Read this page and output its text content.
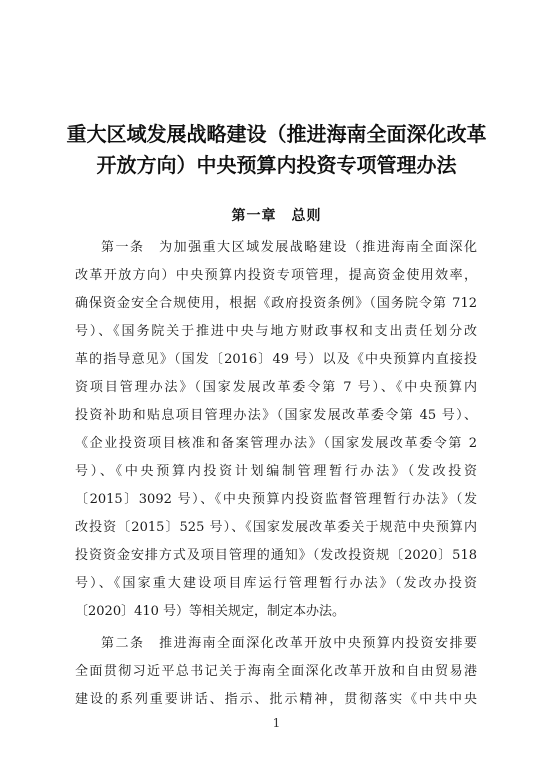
重大区域发展战略建设（推进海南全面深化改革
开放方向）中央预算内投资专项管理办法
第一章　总则
第一条　为加强重大区域发展战略建设（推进海南全面深化
改革开放方向）中央预算内投资专项管理，提高资金使用效率，
确保资金安全合规使用，根据《政府投资条例》（国务院令第 712
号）、《国务院关于推进中央与地方财政事权和支出责任划分改
革的指导意见》（国发〔2016〕49 号）以及《中央预算内直接投
资项目管理办法》（国家发展改革委令第 7 号）、《中央预算内
投资补助和贴息项目管理办法》（国家发展改革委令第 45 号）、
《企业投资项目核准和备案管理办法》（国家发展改革委令第 2
号）、《中央预算内投资计划编制管理暂行办法》（发改投资
〔2015〕3092 号）、《中央预算内投资监督管理暂行办法》（发
改投资〔2015〕525 号）、《国家发展改革委关于规范中央预算内
投资资金安排方式及项目管理的通知》（发改投资规〔2020〕518
号）、《国家重大建设项目库运行管理暂行办法》（发改办投资
〔2020〕410 号）等相关规定，制定本办法。
第二条　推进海南全面深化改革开放中央预算内投资安排要
全面贯彻习近平总书记关于海南全面深化改革开放和自由贸易港
建设的系列重要讲话、指示、批示精神，贯彻落实《中共中央
1
